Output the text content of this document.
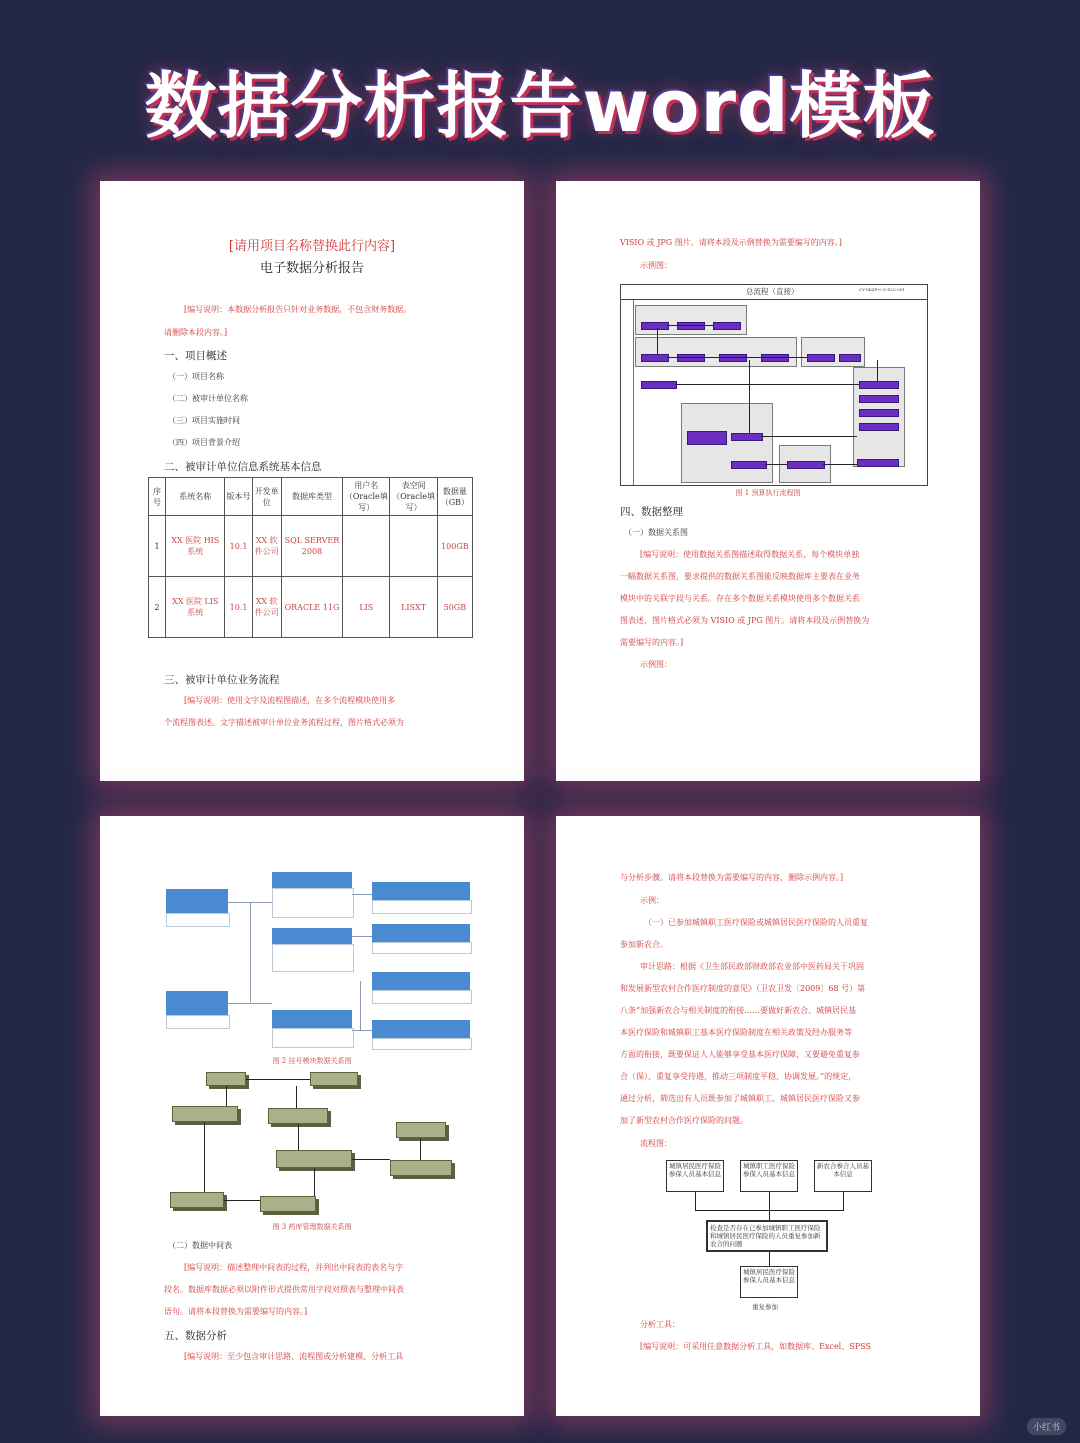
数据分析报告word模板
[请用项目名称替换此行内容]
电子数据分析报告
[编写说明：本数据分析报告只针对业务数据，不包含财务数据。
请删除本段内容。]
一、项目概述
（一）项目名称
（二）被审计单位名称
（三）项目实施时间
（四）项目背景介绍
二、被审计单位信息系统基本信息
序号	系统名称	版本号	开发单位	数据库类型	用户名（Oracle填写）	表空间（Oracle填写）	数据量（GB）
1	XX 医院 HIS 系统	10.1	XX 软件公司	SQL SERVER 2008			100GB
2	XX 医院 LIS 系统	10.1	XX 软件公司	ORACLE 11G	LIS	LISXT	50GB
三、被审计单位业务流程
[编写说明：使用文字及流程图描述，在多个流程模块使用多
个流程图表述。文字描述被审计单位业务流程过程，图片格式必须为
VISIO 或 JPG 图片。请将本段及示例替换为需要编写的内容。]
示例图：
总流程（直接）	CY-GKZP-C-G-ZLC-001
图 1 预算执行流程图
四、数据整理
（一）数据关系图
[编写说明：使用数据关系图描述取得数据关系，每个模块单独
一幅数据关系图，要求提供的数据关系图能反映数据库主要表在业务
模块中的关联字段与关系。存在多个数据关系模块使用多个数据关系
图表述，图片格式必须为 VISIO 或 JPG 图片。请将本段及示例替换为
需要编写的内容。]
示例图：
图 2 挂号模块数据关系图
图 3 药库管理数据关系图
（二）数据中间表
[编写说明：描述整理中间表的过程，并列出中间表的表名与字
段名。数据库数据必须以附件形式提供常用字段对照表与整理中间表
语句。请将本段替换为需要编写的内容。]
五、数据分析
[编写说明：至少包含审计思路、流程图或分析建模、分析工具
与分析步骤。请将本段替换为需要编写的内容，删除示例内容。]
示例：
（一）已参加城镇职工医疗保险或城镇居民医疗保险的人员重复
参加新农合。
审计思路：根据《卫生部民政部财政部农业部中医药局关于巩固
和发展新型农村合作医疗制度的意见》（卫农卫发〔2009〕68 号）第
八条“加强新农合与相关制度的衔接……要做好新农合、城镇居民基
本医疗保险和城镇职工基本医疗保险制度在相关政策及经办服务等
方面的衔接，既要保证人人能够享受基本医疗保障，又要避免重复参
合（保）、重复享受待遇，推动三项制度平稳、协调发展。”的规定，
通过分析，筛选出有人员既参加了城镇职工、城镇居民医疗保险又参
加了新型农村合作医疗保险的问题。
流程图：
城镇居民医疗保险参保人员基本信息
城镇职工医疗保险参保人员基本信息
新农合参合人员基本信息
检查是否存在已参加城镇职工医疗保险和城镇居民医疗保险的人员重复参加新农合的问题
城镇居民医疗保险参保人员基本信息
重复参加
分析工具：
[编写说明：可采用任意数据分析工具，如数据库、Excel、SPSS
小红书
